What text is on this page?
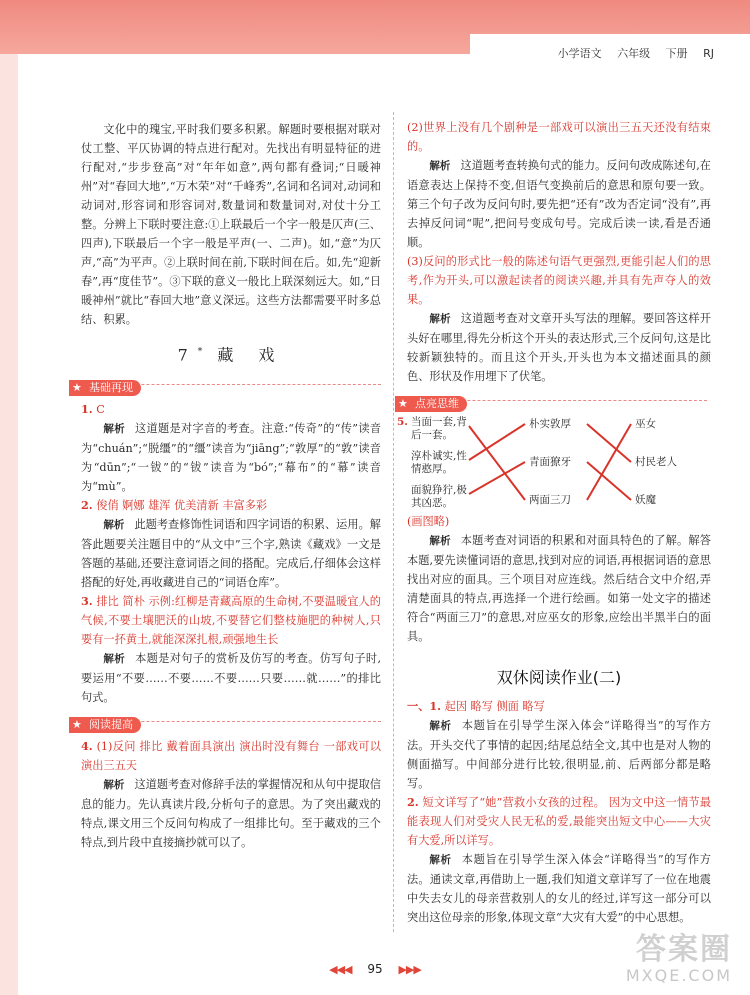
小学语文 六年级 下册 RJ

文化中的瑰宝,平时我们要多积累。解题时要根据对联对仗工整、平仄协调的特点进行配对。先找出有明显特征的进行配对,“步步登高”对“年年如意”,两句都有叠词;“日暖神州”对“春回大地”,“万木荣”对“千峰秀”,名词和名词对,动词和动词对,形容词和形容词对,数量词和数量词对,对仗十分工整。分辨上下联时要注意:①上联最后一个字一般是仄声(三、四声),下联最后一个字一般是平声(一、二声)。如,“意”为仄声,“高”为平声。②上联时间在前,下联时间在后。如,先“迎新春”,再“度佳节”。③下联的意义一般比上联深刻远大。如,“日暖神州”就比“春回大地”意义深远。这些方法都需要平时多总结、积累。

7* 藏 戏
★ 基础再现

1. C

解析 这道题是对字音的考查。注意:“传奇”的“传”读音为“chuán”;“脱缰”的“缰”读音为“jiāng”;“敦厚”的“敦”读音为“dūn”;“一钹”的“钹”读音为“bó”;“幕布”的“幕”读音为“mù”。

2. 俊俏 婀娜 雄浑 优美清新 丰富多彩

解析 此题考查修饰性词语和四字词语的积累、运用。解答此题要关注题目中的“从文中”三个字,熟读《藏戏》一文是答题的基础,还要注意词语之间的搭配。完成后,仔细体会这样搭配的好处,再收藏进自己的“词语仓库”。

3. 排比 简朴 示例:红柳是青藏高原的生命树,不要温暖宜人的气候,不要土壤肥沃的山坡,不要替它们整枝施肥的种树人,只要有一抔黄土,就能深深扎根,顽强地生长

解析 本题是对句子的赏析及仿写的考查。仿写句子时,要运用“不要……不要……不要……只要……就……”的排比句式。

★ 阅读提高

4. (1)反问 排比 戴着面具演出 演出时没有舞台 一部戏可以演出三五天

解析 这道题考查对修辞手法的掌握情况和从句中提取信息的能力。先认真读片段,分析句子的意思。为了突出藏戏的特点,课文用三个反问句构成了一组排比句。至于藏戏的三个特点,到片段中直接摘抄就可以了。

(2)世界上没有几个剧种是一部戏可以演出三五天还没有结束的。

解析 这道题考查转换句式的能力。反问句改成陈述句,在语意表达上保持不变,但语气变换前后的意思和原句要一致。第三个句子改为反问句时,要先把“还有”改为否定词“没有”,再去掉反问词“呢”,把问号变成句号。完成后读一读,看是否通顺。

(3)反问的形式比一般的陈述句语气更强烈,更能引起人们的思考,作为开头,可以激起读者的阅读兴趣,并具有先声夺人的效果。

解析 这道题考查对文章开头写法的理解。要回答这样开头好在哪里,得先分析这个开头的表达形式,三个反问句,这是比较新颖独特的。而且这个开头,开头也为本文描述面具的颜色、形状及作用埋下了伏笔。

★ 点亮思维
5. 当面一套,背后一套。
淳朴诚实,性情憨厚。
面貌狰狞,极其凶恶。
朴实敦厚
青面獠牙
两面三刀
巫女
村民老人
妖魔

(画图略)

解析 本题考查对词语的积累和对面具特色的了解。解答本题,要先读懂词语的意思,找到对应的词语,再根据词语的意思找出对应的面具。三个项目对应连线。然后结合文中介绍,弄清楚面具的特点,再选择一个进行绘画。如第一处文字的描述符合“两面三刀”的意思,对应巫女的形象,应绘出半黑半白的面具。

双休阅读作业(二)

一、1. 起因 略写 侧面 略写

解析 本题旨在引导学生深入体会“详略得当”的写作方法。开头交代了事情的起因;结尾总结全文,其中也是对人物的侧面描写。中间部分进行比较,很明显,前、后两部分都是略写。

2. 短文详写了“她”营救小女孩的过程。 因为文中这一情节最能表现人们对受灾人民无私的爱,最能突出短文中心——大灾有大爱,所以详写。

解析 本题旨在引导学生深入体会“详略得当”的写作方法。通读文章,再借助上一题,我们知道文章详写了一位在地震中失去女儿的母亲营救别人的女儿的经过,详写这一部分可以突出这位母亲的形象,体现文章“大灾有大爱”的中心思想。

答案圈
MXQE.COM
◀◀◀ 95 ▶▶▶
